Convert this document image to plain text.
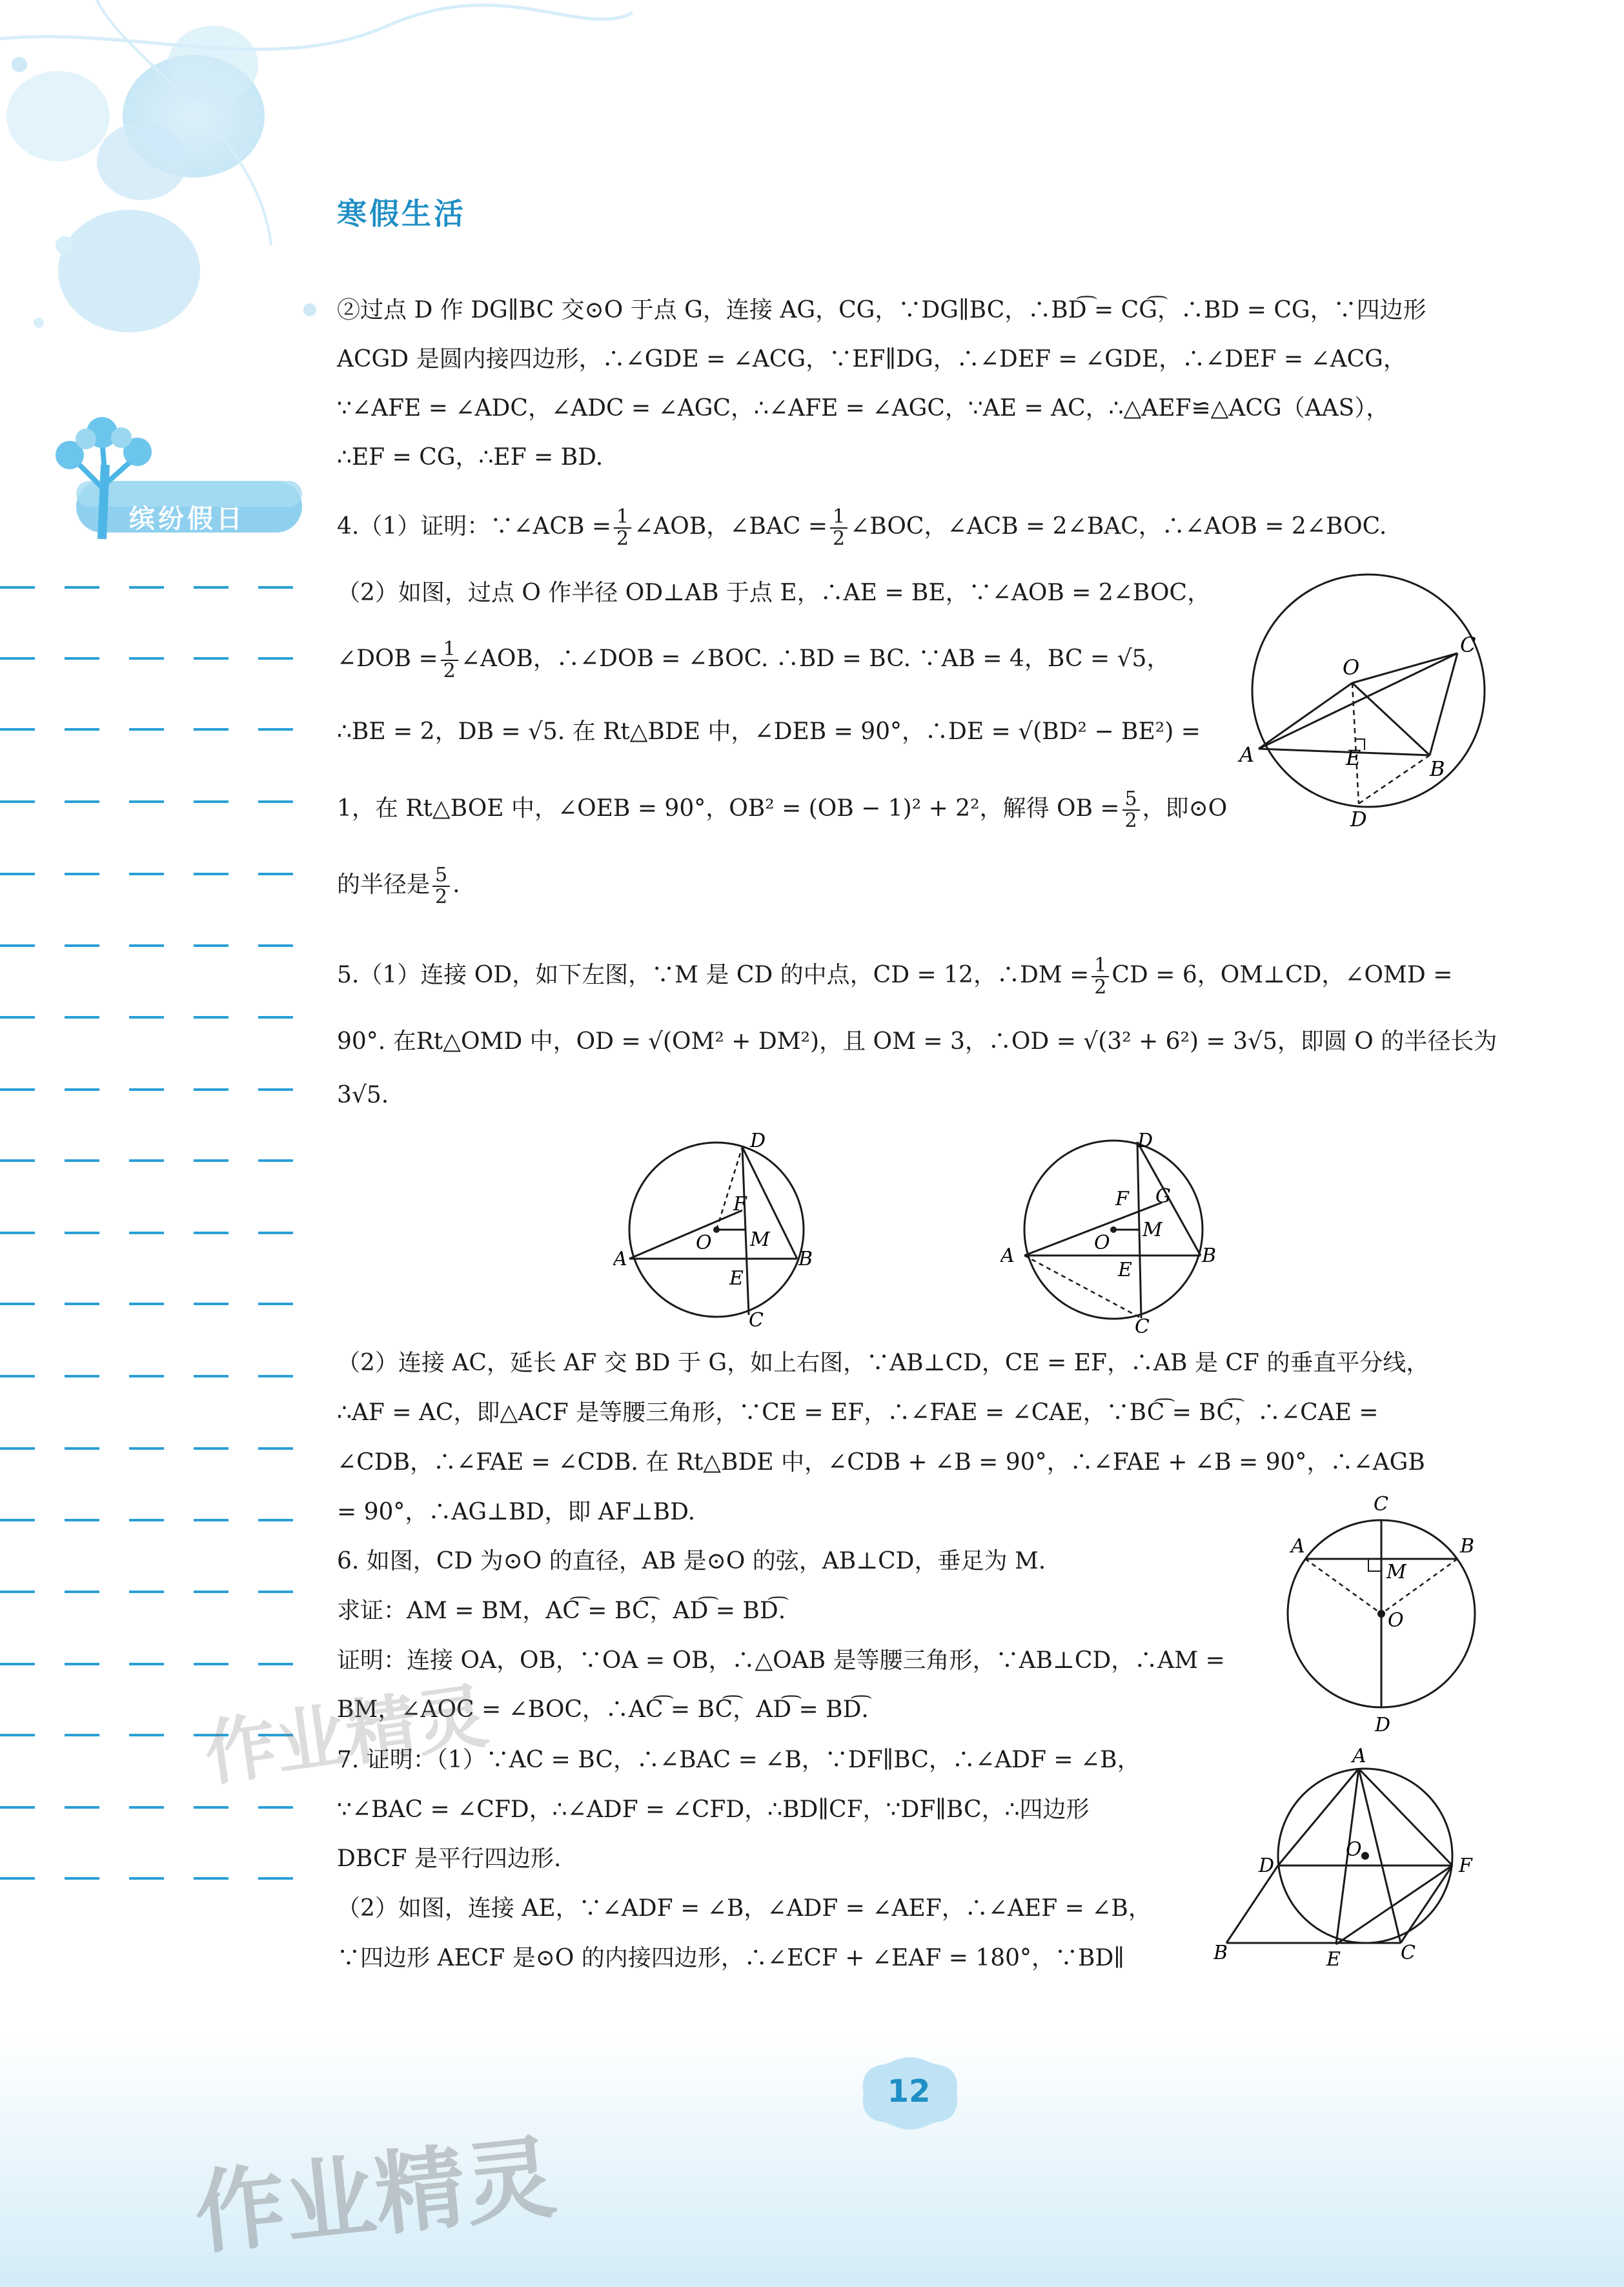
寒假生活
缤纷假日
②过点 D 作 DG∥BC 交⊙O 于点 G，连接 AG，CG，∵DG∥BC，∴BD͡ = CG͡，∴BD = CG，∵四边形
ACGD 是圆内接四边形，∴∠GDE = ∠ACG，∵EF∥DG，∴∠DEF = ∠GDE，∴∠DEF = ∠ACG，
∵∠AFE = ∠ADC，∠ADC = ∠AGC，∴∠AFE = ∠AGC，∵AE = AC，∴△AEF≌△ACG（AAS），
∴EF = CG，∴EF = BD.
4.（1）证明：∵∠ACB = $\frac{1}{2}$ ∠AOB，∠BAC = $\frac{1}{2}$ ∠BOC，∠ACB = 2∠BAC，∴∠AOB = 2∠BOC.
（2）如图，过点 O 作半径 OD⊥AB 于点 E，∴AE = BE，∵∠AOB = 2∠BOC，
∠DOB = $\frac{1}{2}$ ∠AOB，∴∠DOB = ∠BOC. ∴BD = BC. ∵AB = 4，BC = √5，
∴BE = 2，DB = √5. 在 Rt△BDE 中，∠DEB = 90°，∴DE = √(BD² − BE²) =
1，在 Rt△BOE 中，∠OEB = 90°，OB² = (OB − 1)² + 2²，解得 OB = $\frac{5}{2}$ ，即⊙O
的半径是 $\frac{5}{2}$ .
O
C
A	E	B
D
5.（1）连接 OD，如下左图，∵M 是 CD 的中点，CD = 12，∴DM = $\frac{1}{2}$ CD = 6，OM⊥CD，∠OMD =
90°. 在Rt△OMD 中，OD = √(OM² + DM²)，且 OM = 3，∴OD = √(3² + 6²) = 3√5，即圆 O 的半径长为
3√5.
D
F
O M
A	B
E
C
D
F G
O
M
A	B
E
C
（2）连接 AC，延长 AF 交 BD 于 G，如上右图，∵AB⊥CD，CE = EF，∴AB 是 CF 的垂直平分线，
∴AF = AC，即△ACF 是等腰三角形，∵CE = EF，∴∠FAE = ∠CAE，∵BC͡ = BC͡，∴∠CAE =
∠CDB，∴∠FAE = ∠CDB. 在 Rt△BDE 中，∠CDB + ∠B = 90°，∴∠FAE + ∠B = 90°，∴∠AGB
= 90°，∴AG⊥BD，即 AF⊥BD.
6. 如图，CD 为⊙O 的直径，AB 是⊙O 的弦，AB⊥CD，垂足为 M.
求证：AM = BM，AC͡ = BC͡，AD͡ = BD͡.
证明：连接 OA，OB，∵OA = OB，∴△OAB 是等腰三角形，∵AB⊥CD，∴AM =
BM，∠AOC = ∠BOC，∴AC͡ = BC͡，AD͡ = BD͡.
C
A	B
M
O
D
作业精灵
7. 证明：（1）∵AC = BC，∴∠BAC = ∠B，∵DF∥BC，∴∠ADF = ∠B，
∵∠BAC = ∠CFD，∴∠ADF = ∠CFD，∴BD∥CF，∵DF∥BC，∴四边形
DBCF 是平行四边形.
（2）如图，连接 AE，∵∠ADF = ∠B，∠ADF = ∠AEF，∴∠AEF = ∠B，
∵四边形 AECF 是⊙O 的内接四边形，∴∠ECF + ∠EAF = 180°，∵BD∥
A
D
O
F
B	E	C
12
作业精灵
